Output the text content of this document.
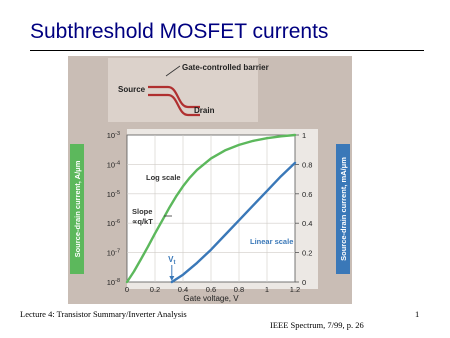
Subthreshold MOSFET currents
Gate-controlled barrier
Source
Drain
Source-drain current, A/μm	Source-drain current, mA/μm
$10^{-3}$
$10^{-4}$
$10^{-5}$
$10^{-6}$
$10^{-7}$
$10^{-8}$
1
0.8
0.6
0.4
0.2
0
0	0.2 0.4 0.6 0.8	1	1.2
Gate voltage, V
Log scale
Linear scale
Slope
∝q/kT
$V_t$
Lecture 4: Transistor Summary/Inverter Analysis
IEEE Spectrum, 7/99, p. 26
1
